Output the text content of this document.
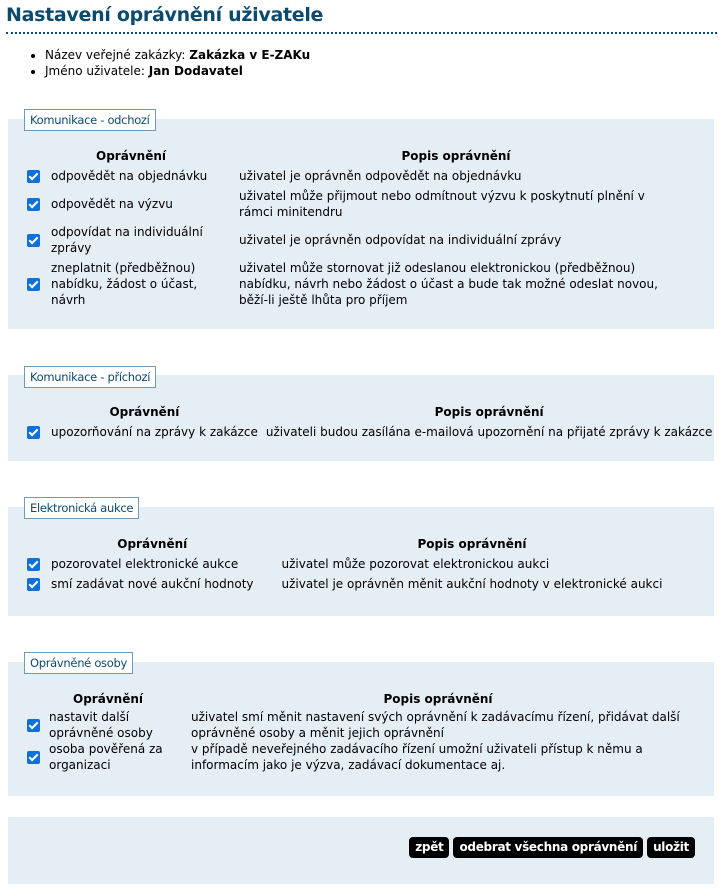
Nastavení oprávnění uživatele
• Název veřejné zakázky: Zakázka v E-ZAKu
• Jméno uživatele: Jan Dodavatel
Komunikace - odchozí
Oprávnění		Popis oprávnění
	odpovědět na objednávku	uživatel je oprávněn odpovědět na objednávku
	odpovědět na výzvu	uživatel může přijmout nebo odmítnout výzvu k poskytnutí plnění v rámci minitendru
	odpovídat na individuální zprávy	uživatel je oprávněn odpovídat na individuální zprávy
	zneplatnit (předběžnou) nabídku, žádost o účast, návrh	uživatel může stornovat již odeslanou elektronickou (předběžnou) nabídku, návrh nebo žádost o účast a bude tak možné odeslat novou, běží-li ještě lhůta pro příjem
Komunikace - příchozí
Oprávnění		Popis oprávnění
	upozorňování na zprávy k zakázce	uživateli budou zasílána e-mailová upozornění na přijaté zprávy k zakázce
Elektronická aukce
Oprávnění		Popis oprávnění
	pozorovatel elektronické aukce	uživatel může pozorovat elektronickou aukci
	smí zadávat nové aukční hodnoty	uživatel je oprávněn měnit aukční hodnoty v elektronické aukci
Oprávněné osoby
Oprávnění		Popis oprávnění
	nastavit další oprávněné osoby	uživatel smí měnit nastavení svých oprávnění k zadávacímu řízení, přidávat další oprávněné osoby a měnit jejich oprávnění
	osoba pověřená za organizaci	v případě neveřejného zadávacího řízení umožní uživateli přístup k němu a informacím jako je výzva, zadávací dokumentace aj.
zpět odebrat všechna oprávnění uložit
